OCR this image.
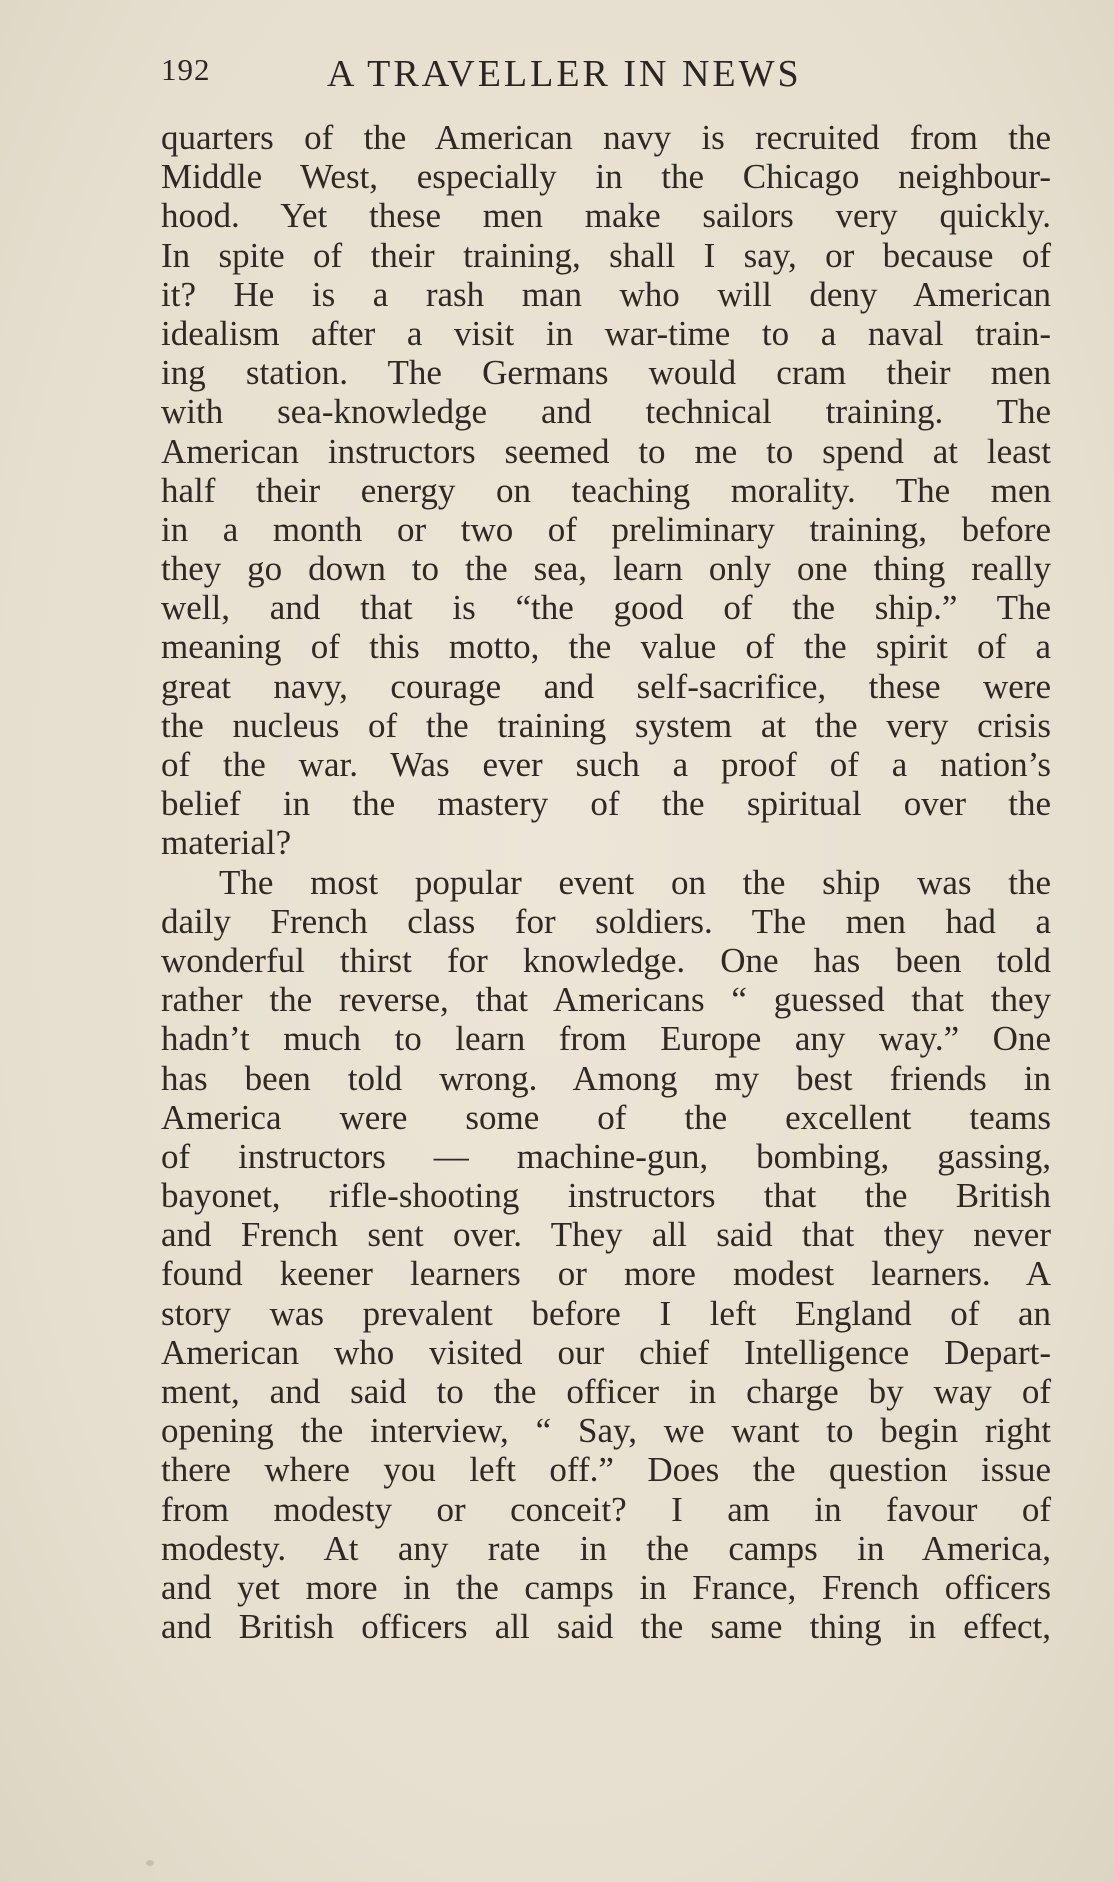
192	A TRAVELLER IN NEWS
quarters of the American navy is recruited from the
Middle West, especially in the Chicago neighbour-
hood. Yet these men make sailors very quickly.
In spite of their training, shall I say, or because of
it? He is a rash man who will deny American
idealism after a visit in war-time to a naval train-
ing station. The Germans would cram their men
with sea-knowledge and technical training. The
American instructors seemed to me to spend at least
half their energy on teaching morality. The men
in a month or two of preliminary training, before
they go down to the sea, learn only one thing really
well, and that is “the good of the ship.” The
meaning of this motto, the value of the spirit of a
great navy, courage and self-sacrifice, these were
the nucleus of the training system at the very crisis
of the war. Was ever such a proof of a nation’s
belief in the mastery of the spiritual over the
material?
The most popular event on the ship was the
daily French class for soldiers. The men had a
wonderful thirst for knowledge. One has been told
rather the reverse, that Americans “ guessed that they
hadn’t much to learn from Europe any way.” One
has been told wrong. Among my best friends in
America were some of the excellent teams
of instructors — machine-gun, bombing, gassing,
bayonet, rifle-shooting instructors that the British
and French sent over. They all said that they never
found keener learners or more modest learners. A
story was prevalent before I left England of an
American who visited our chief Intelligence Depart-
ment, and said to the officer in charge by way of
opening the interview, “ Say, we want to begin right
there where you left off.” Does the question issue
from modesty or conceit? I am in favour of
modesty. At any rate in the camps in America,
and yet more in the camps in France, French officers
and British officers all said the same thing in effect,
